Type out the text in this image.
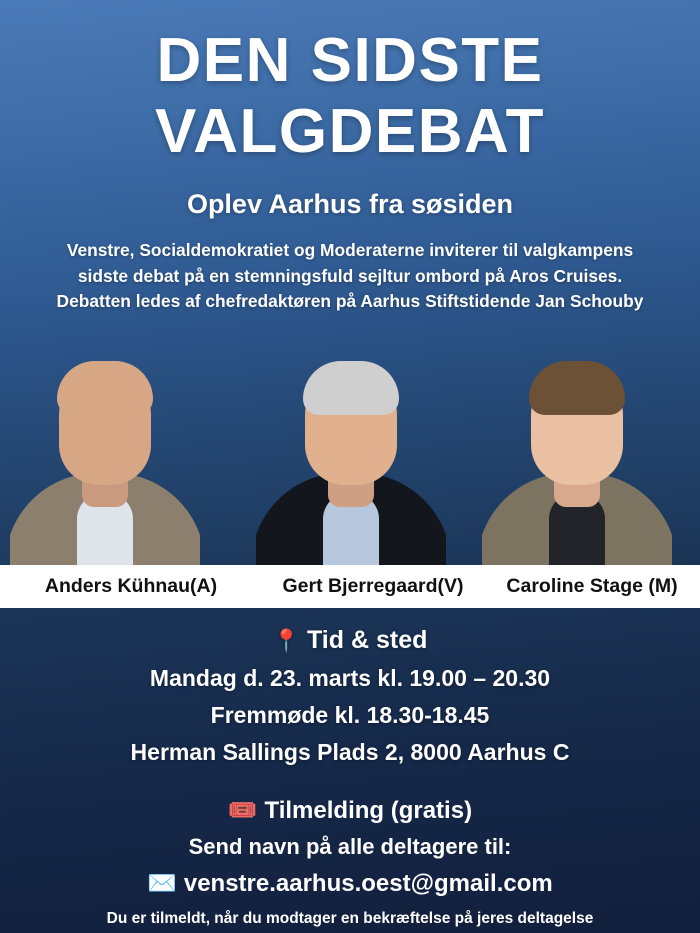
DEN SIDSTE
VALGDEBAT
Oplev Aarhus fra søsiden
Venstre, Socialdemokratiet og Moderaterne inviterer til valgkampens
sidste debat på en stemningsfuld sejltur ombord på Aros Cruises.
Debatten ledes af chefredaktøren på Aarhus Stiftstidende Jan Schouby
Anders Kühnau(A)	Gert Bjerregaard(V)	Caroline Stage (M)
📍 Tid & sted
Mandag d. 23. marts kl. 19.00 – 20.30
Fremmøde kl. 18.30-18.45
Herman Sallings Plads 2, 8000 Aarhus C
🎟️ Tilmelding (gratis)
Send navn på alle deltagere til:
✉️ venstre.aarhus.oest@gmail.com
Du er tilmeldt, når du modtager en bekræftelse på jeres deltagelse
